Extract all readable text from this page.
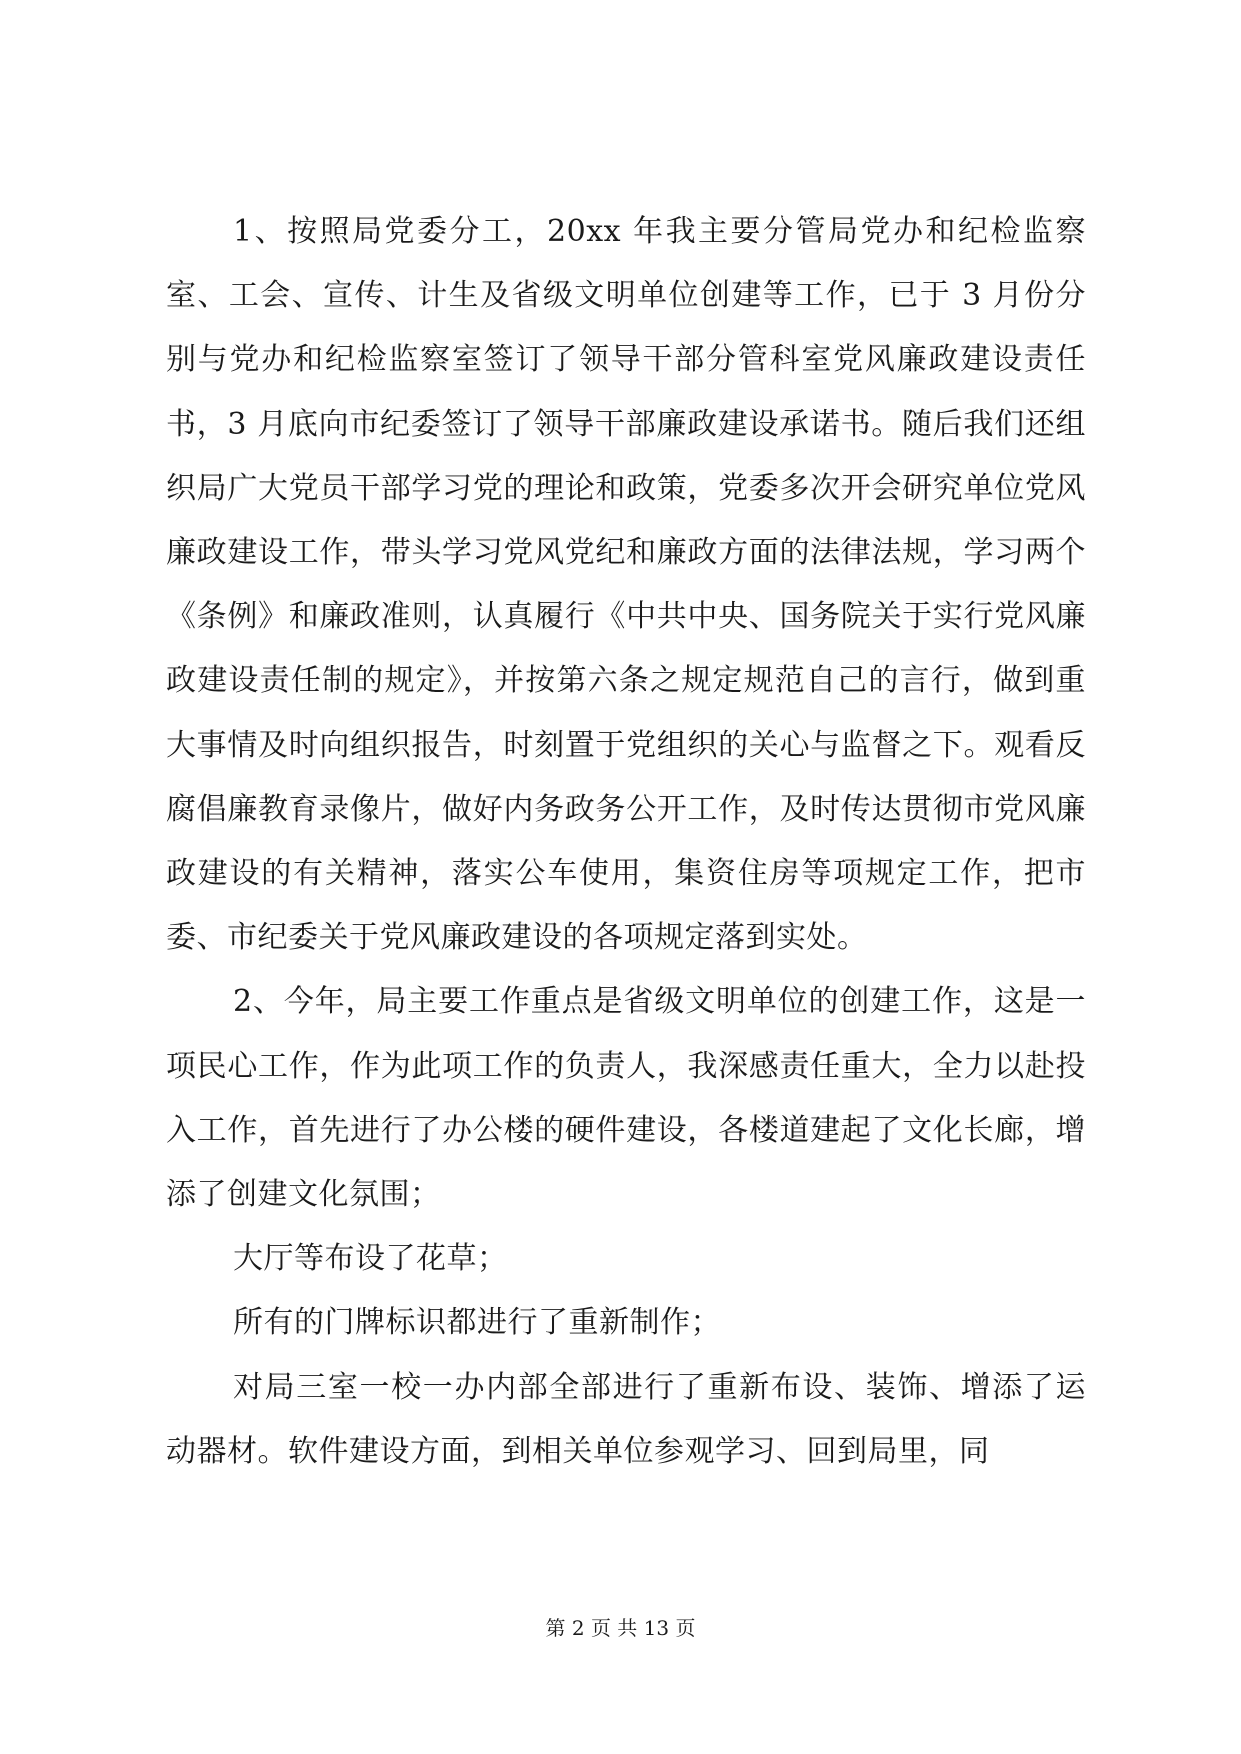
1、按照局党委分工，20xx 年我主要分管局党办和纪检监察室、工会、宣传、计生及省级文明单位创建等工作，已于 3 月份分别与党办和纪检监察室签订了领导干部分管科室党风廉政建设责任书，3 月底向市纪委签订了领导干部廉政建设承诺书。随后我们还组织局广大党员干部学习党的理论和政策，党委多次开会研究单位党风廉政建设工作，带头学习党风党纪和廉政方面的法律法规，学习两个《条例》和廉政准则，认真履行《中共中央、国务院关于实行党风廉政建设责任制的规定》，并按第六条之规定规范自己的言行，做到重大事情及时向组织报告，时刻置于党组织的关心与监督之下。观看反腐倡廉教育录像片，做好内务政务公开工作，及时传达贯彻市党风廉政建设的有关精神，落实公车使用，集资住房等项规定工作，把市委、市纪委关于党风廉政建设的各项规定落到实处。

2、今年，局主要工作重点是省级文明单位的创建工作，这是一项民心工作，作为此项工作的负责人，我深感责任重大，全力以赴投入工作，首先进行了办公楼的硬件建设，各楼道建起了文化长廊，增添了创建文化氛围；

大厅等布设了花草；

所有的门牌标识都进行了重新制作；

对局三室一校一办内部全部进行了重新布设、装饰、增添了运动器材。软件建设方面，到相关单位参观学习、回到局里，同

第 2 页 共 13 页
